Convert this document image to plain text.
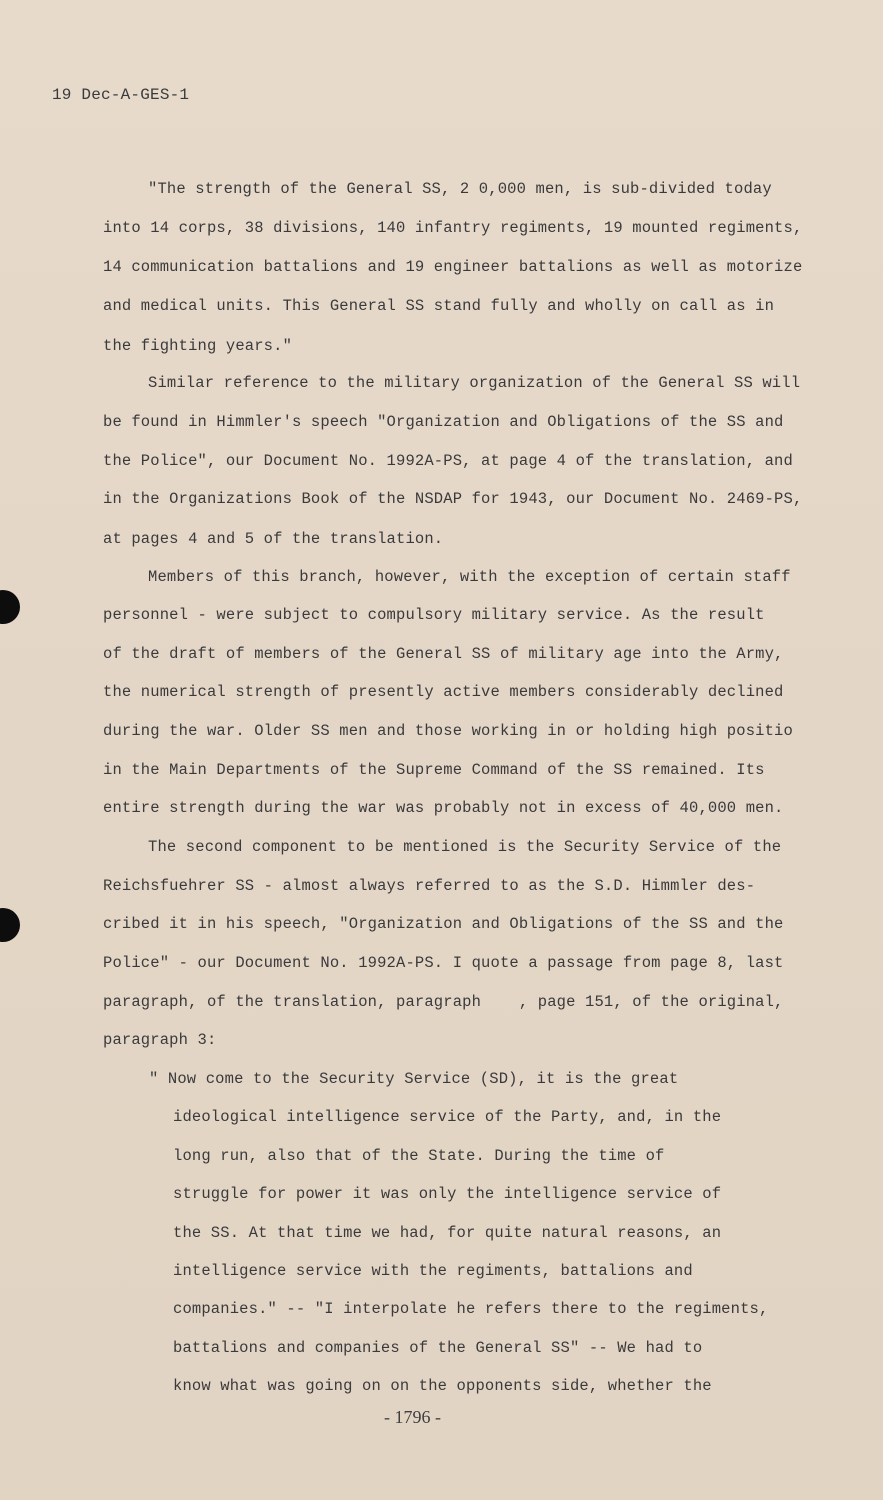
19 Dec-A-GES-1
"The strength of the General SS, 2 0,000 men, is sub-divided today
into 14 corps, 38 divisions, 140 infantry regiments, 19 mounted regiments,
14 communication battalions and 19 engineer battalions as well as motorize
and medical units. This General SS stand fully and wholly on call as in
the fighting years."
Similar reference to the military organization of the General SS will
be found in Himmler's speech "Organization and Obligations of the SS and
the Police", our Document No. 1992A-PS, at page 4 of the translation, and
in the Organizations Book of the NSDAP for 1943, our Document No. 2469-PS,
at pages 4 and 5 of the translation.
Members of this branch, however, with the exception of certain staff
personnel - were subject to compulsory military service. As the result
of the draft of members of the General SS of military age into the Army,
the numerical strength of presently active members considerably declined
during the war. Older SS men and those working in or holding high positio
in the Main Departments of the Supreme Command of the SS remained. Its
entire strength during the war was probably not in excess of 40,000 men.
The second component to be mentioned is the Security Service of the
Reichsfuehrer SS - almost always referred to as the S.D. Himmler des-
cribed it in his speech, "Organization and Obligations of the SS and the
Police" - our Document No. 1992A-PS. I quote a passage from page 8, last
paragraph, of the translation, paragraph    , page 151, of the original,
paragraph 3:
" Now come to the Security Service (SD), it is the great
ideological intelligence service of the Party, and, in the
long run, also that of the State. During the time of
struggle for power it was only the intelligence service of
the SS. At that time we had, for quite natural reasons, an
intelligence service with the regiments, battalions and
companies." -- "I interpolate he refers there to the regiments,
battalions and companies of the General SS" -- We had to
know what was going on on the opponents side, whether the
- 1796 -
